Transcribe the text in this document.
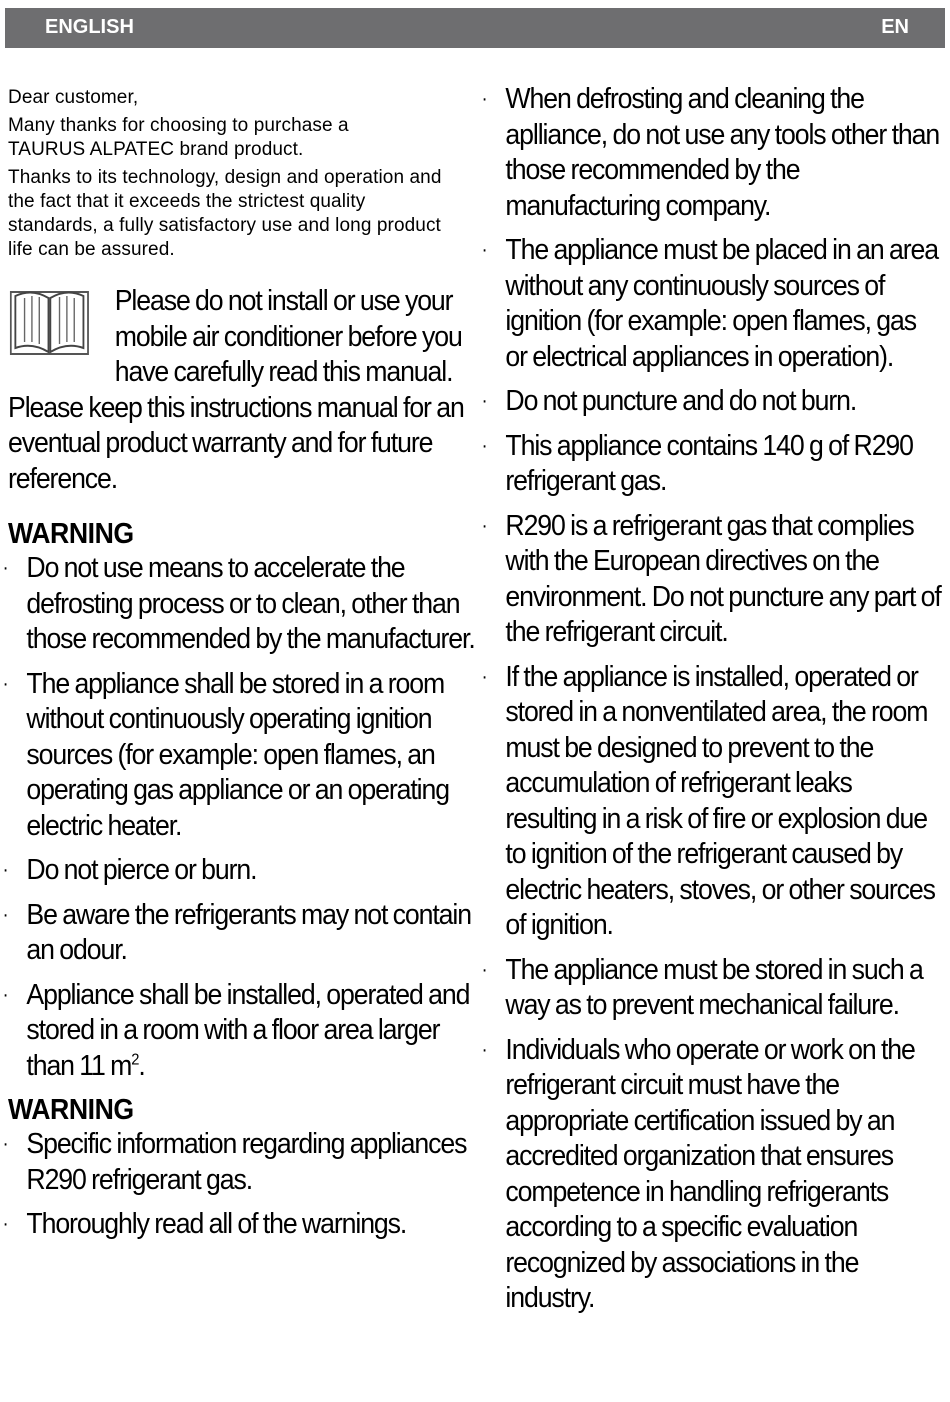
ENGLISH	EN

Dear customer,

Many thanks for choosing to purchase a TAURUS ALPATEC brand product.

Thanks to its technology, design and operation and the fact that it exceeds the strictest quality standards, a fully satisfactory use and long product life can be assured.

Please do not install or use your mobile air conditioner before you have carefully read this manual. Please keep this instructions manual for an eventual product warranty and for future reference.

WARNING
· Do not use means to accelerate the defrosting process or to clean, other than those recommended by the manufacturer.
· The appliance shall be stored in a room without continuously operating ignition sources (for example: open flames, an operating gas appliance or an operating electric heater.
· Do not pierce or burn.
· Be aware the refrigerants may not contain an odour.
· Appliance shall be installed, operated and stored in a room with a floor area larger than 11 $m^2$.
WARNING
· Specific information regarding appliances R290 refrigerant gas.
· Thoroughly read all of the warnings.
· When defrosting and cleaning the aplliance, do not use any tools other than those recommended by the manufacturing company.
· The appliance must be placed in an area without any continuously sources of ignition (for example: open flames, gas or electrical appliances in operation).
· Do not puncture and do not burn.
· This appliance contains 140 g of R290 refrigerant gas.
· R290 is a refrigerant gas that complies with the European directives on the environment. Do not puncture any part of the refrigerant circuit.
· If the appliance is installed, operated or stored in a nonventilated area, the room must be designed to prevent to the accumulation of refrigerant leaks resulting in a risk of fire or explosion due to ignition of the refrigerant caused by electric heaters, stoves, or other sources of ignition.
· The appliance must be stored in such a way as to prevent mechanical failure.
· Individuals who operate or work on the refrigerant circuit must have the appropriate certification issued by an accredited organization that ensures competence in handling refrigerants according to a specific evaluation recognized by associations in the industry.
